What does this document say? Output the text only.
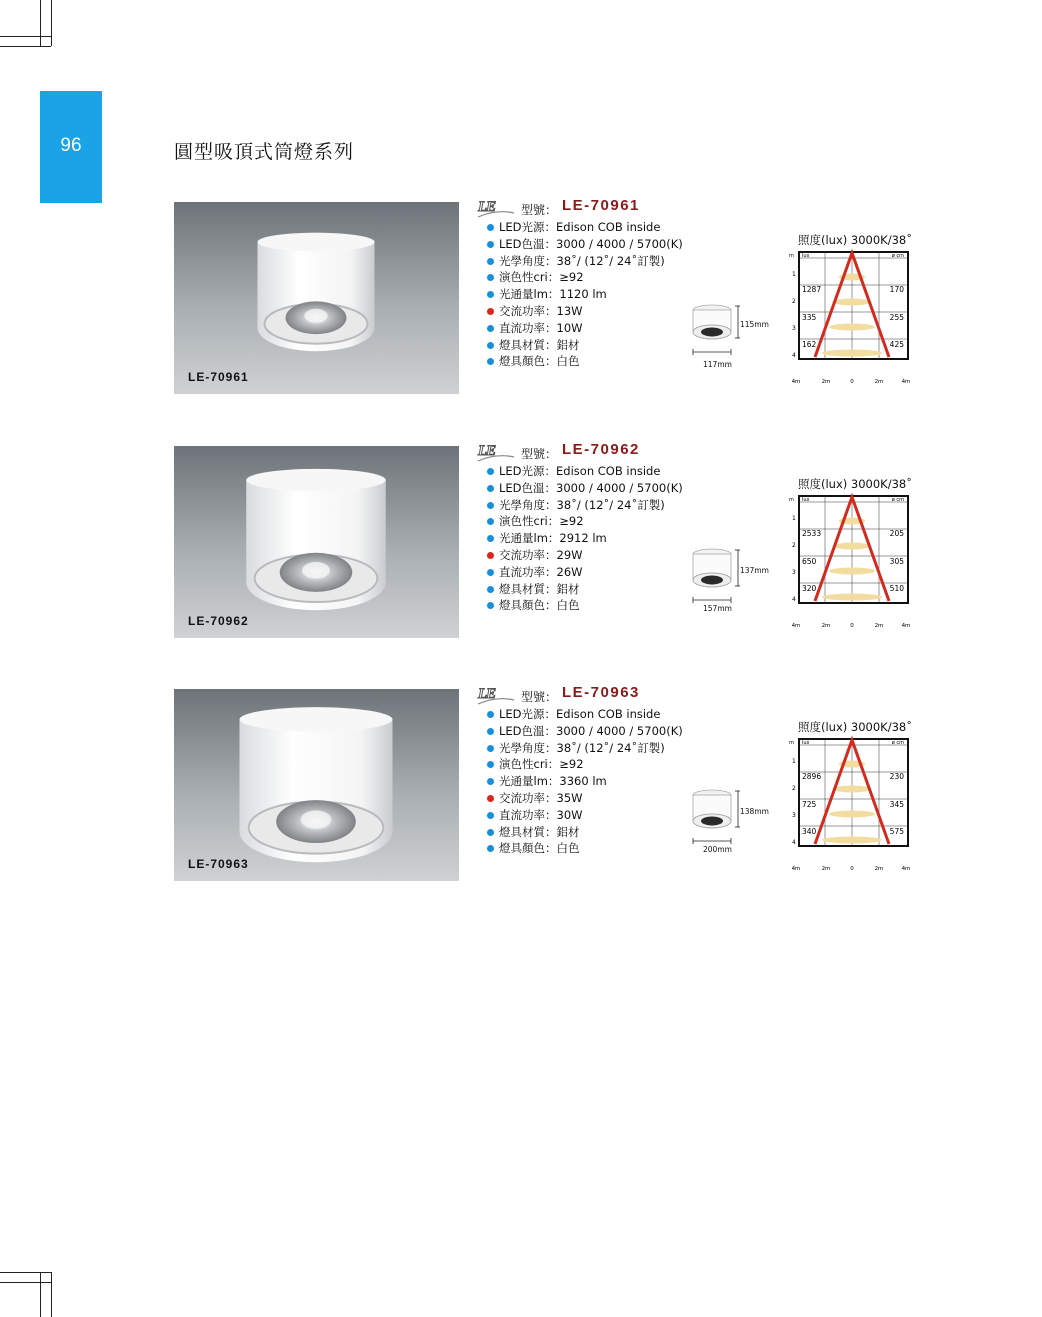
96	圓型吸頂式筒燈系列
LE-70961
LE 型號： LE-70961
LED光源：Edison COB inside
LED色溫：3000 / 4000 / 5700(K)
光學角度：38˚/ (12˚/ 24˚訂製)
演色性cri：≥92
光通量lm：1120 lm
交流功率：13W
直流功率：10W
燈具材質：鋁材
燈具顏色：白色
115mm
117mm
照度(lux) 3000K/38˚
m lux	ø cm
1287	170
335	255
162	425
1
2
3
4
4m	2m	0	2m	4m
LE-70962
LE 型號： LE-70962
LED光源：Edison COB inside
LED色溫：3000 / 4000 / 5700(K)
光學角度：38˚/ (12˚/ 24˚訂製)
演色性cri：≥92
光通量lm：2912 lm
交流功率：29W
直流功率：26W
燈具材質：鋁材
燈具顏色：白色
137mm
157mm
照度(lux) 3000K/38˚
m lux	ø cm
2533	205
650	305
320	510
1
2
3
4
4m	2m	0	2m	4m
LE-70963
LE 型號： LE-70963
LED光源：Edison COB inside
LED色溫：3000 / 4000 / 5700(K)
光學角度：38˚/ (12˚/ 24˚訂製)
演色性cri：≥92
光通量lm：3360 lm
交流功率：35W
直流功率：30W
燈具材質：鋁材
燈具顏色：白色
138mm
200mm
照度(lux) 3000K/38˚
m lux	ø cm
2896	230
725	345
340	575
1
2
3
4
4m	2m	0	2m	4m
